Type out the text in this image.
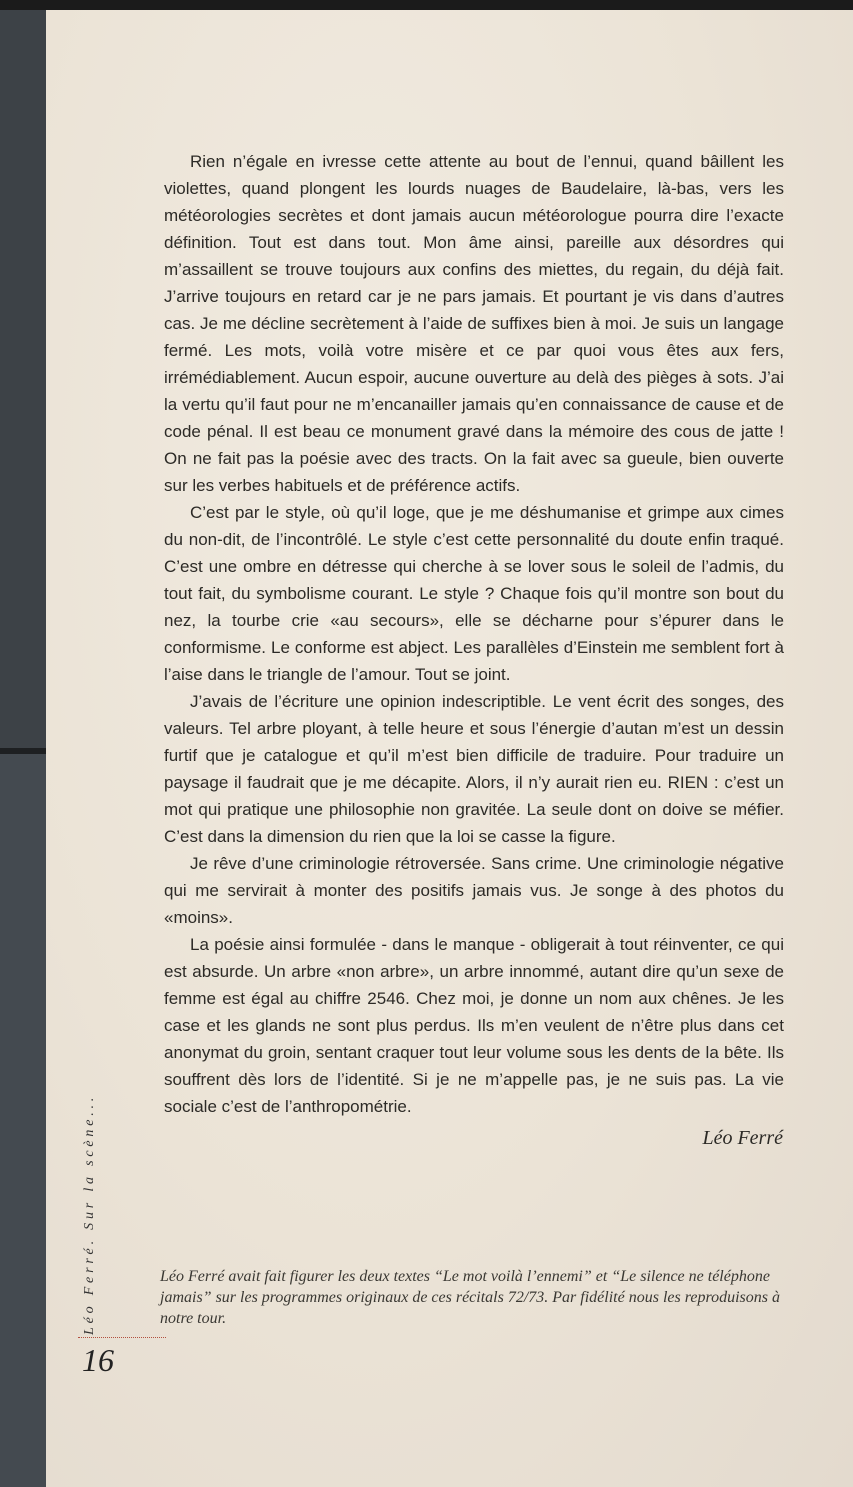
Rien n’égale en ivresse cette attente au bout de l’ennui, quand bâillent les violettes, quand plongent les lourds nuages de Baudelaire, là-bas, vers les météorologies secrètes et dont jamais aucun météorologue pourra dire l’exacte définition. Tout est dans tout. Mon âme ainsi, pareille aux désordres qui m’assaillent se trouve toujours aux confins des miettes, du regain, du déjà fait. J’arrive toujours en retard car je ne pars jamais. Et pourtant je vis dans d’autres cas. Je me décline secrètement à l’aide de suffixes bien à moi. Je suis un langage fermé. Les mots, voilà votre misère et ce par quoi vous êtes aux fers, irrémédiablement. Aucun espoir, aucune ouverture au delà des pièges à sots. J’ai la vertu qu’il faut pour ne m’encanailler jamais qu’en connaissance de cause et de code pénal. Il est beau ce monument gravé dans la mémoire des cous de jatte ! On ne fait pas la poésie avec des tracts. On la fait avec sa gueule, bien ouverte sur les verbes habituels et de préférence actifs.

C’est par le style, où qu’il loge, que je me déshumanise et grimpe aux cimes du non-dit, de l’incontrôlé. Le style c’est cette personnalité du doute enfin traqué. C’est une ombre en détresse qui cherche à se lover sous le soleil de l’admis, du tout fait, du symbolisme courant. Le style ? Chaque fois qu’il montre son bout du nez, la tourbe crie «au secours», elle se décharne pour s’épurer dans le conformisme. Le conforme est abject. Les parallèles d’Einstein me semblent fort à l’aise dans le triangle de l’amour. Tout se joint.

J’avais de l’écriture une opinion indescriptible. Le vent écrit des songes, des valeurs. Tel arbre ployant, à telle heure et sous l’énergie d’autan m’est un dessin furtif que je catalogue et qu’il m’est bien difficile de traduire. Pour traduire un paysage il faudrait que je me décapite. Alors, il n’y aurait rien eu. RIEN : c’est un mot qui pratique une philosophie non gravitée. La seule dont on doive se méfier. C’est dans la dimension du rien que la loi se casse la figure.

Je rêve d’une criminologie rétroversée. Sans crime. Une criminologie négative qui me servirait à monter des positifs jamais vus. Je songe à des photos du «moins».

La poésie ainsi formulée - dans le manque - obligerait à tout réinventer, ce qui est absurde. Un arbre «non arbre», un arbre innommé, autant dire qu’un sexe de femme est égal au chiffre 2546. Chez moi, je donne un nom aux chênes. Je les case et les glands ne sont plus perdus. Ils m’en veulent de n’être plus dans cet anonymat du groin, sentant craquer tout leur volume sous les dents de la bête. Ils souffrent dès lors de l’identité. Si je ne m’appelle pas, je ne suis pas. La vie sociale c’est de l’anthropométrie.

Léo Ferré
Léo Ferré avait fait figurer les deux textes “Le mot voilà l’ennemi” et “Le silence ne téléphone jamais” sur les programmes originaux de ces récitals 72/73. Par fidélité nous les reproduisons à notre tour.
Léo Ferré. Sur la scène...
16
